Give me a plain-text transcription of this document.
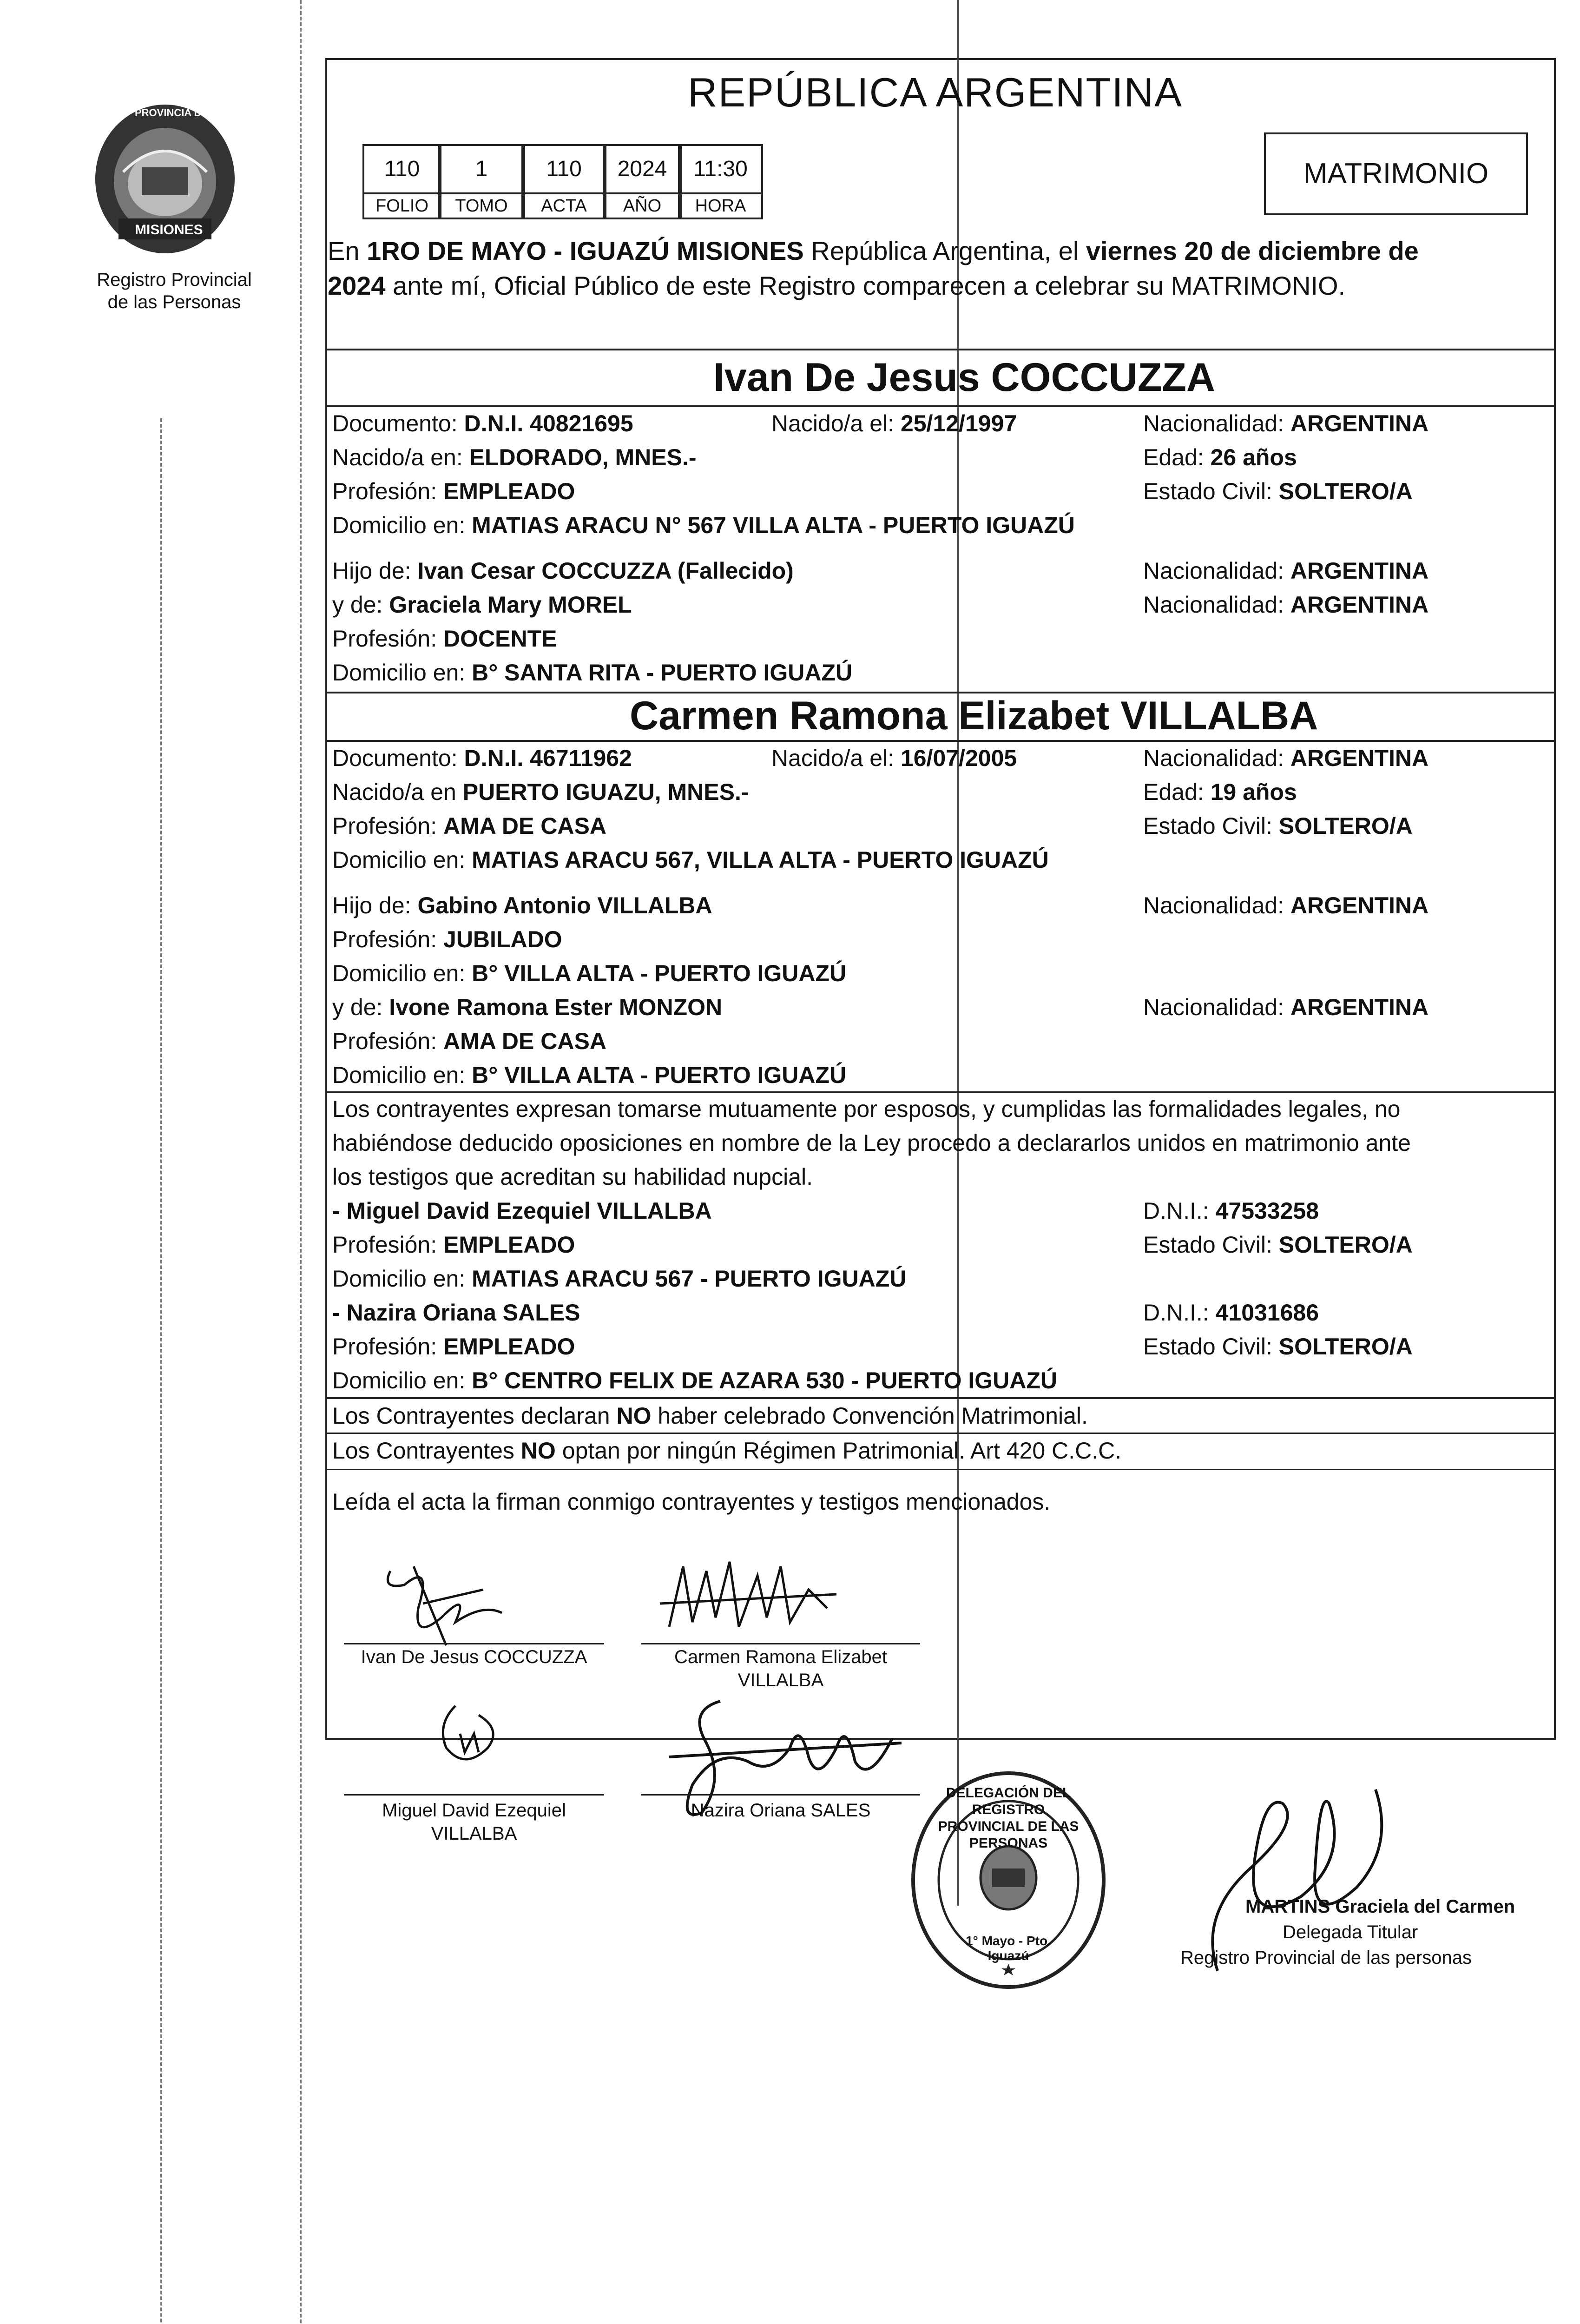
PROVINCIA DE
MISIONES
Registro Provincial
de las Personas
REPÚBLICA ARGENTINA
110	1	110	2024	11:30
FOLIO	TOMO	ACTA	AÑO	HORA
MATRIMONIO
En 1RO DE MAYO - IGUAZÚ MISIONES República Argentina, el viernes 20 de diciembre de
2024 ante mí, Oficial Público de este Registro comparecen a celebrar su MATRIMONIO.
Ivan De Jesus COCCUZZA
Documento: D.N.I. 40821695	Nacido/a el: 25/12/1997	Nacionalidad: ARGENTINA
Nacido/a en: ELDORADO, MNES.-	Edad: 26 años
Profesión: EMPLEADO	Estado Civil: SOLTERO/A
Domicilio en: MATIAS ARACU N° 567 VILLA ALTA - PUERTO IGUAZÚ
Hijo de: Ivan Cesar COCCUZZA (Fallecido)	Nacionalidad: ARGENTINA
y de: Graciela Mary MOREL	Nacionalidad: ARGENTINA
Profesión: DOCENTE
Domicilio en: B° SANTA RITA - PUERTO IGUAZÚ
Carmen Ramona Elizabet VILLALBA
Documento: D.N.I. 46711962	Nacido/a el: 16/07/2005	Nacionalidad: ARGENTINA
Nacido/a en PUERTO IGUAZU, MNES.-	Edad: 19 años
Profesión: AMA DE CASA	Estado Civil: SOLTERO/A
Domicilio en: MATIAS ARACU 567, VILLA ALTA - PUERTO IGUAZÚ
Hijo de: Gabino Antonio VILLALBA	Nacionalidad: ARGENTINA
Profesión: JUBILADO
Domicilio en: B° VILLA ALTA - PUERTO IGUAZÚ
y de: Ivone Ramona Ester MONZON	Nacionalidad: ARGENTINA
Profesión: AMA DE CASA
Domicilio en: B° VILLA ALTA - PUERTO IGUAZÚ
Los contrayentes expresan tomarse mutuamente por esposos, y cumplidas las formalidades legales, no
habiéndose deducido oposiciones en nombre de la Ley procedo a declararlos unidos en matrimonio ante
los testigos que acreditan su habilidad nupcial.
- Miguel David Ezequiel VILLALBA	D.N.I.: 47533258
Profesión: EMPLEADO	Estado Civil: SOLTERO/A
Domicilio en: MATIAS ARACU 567 - PUERTO IGUAZÚ
- Nazira Oriana SALES	D.N.I.: 41031686
Profesión: EMPLEADO	Estado Civil: SOLTERO/A
Domicilio en: B° CENTRO FELIX DE AZARA 530 - PUERTO IGUAZÚ
Los Contrayentes declaran NO haber celebrado Convención Matrimonial.
Los Contrayentes NO optan por ningún Régimen Patrimonial. Art 420 C.C.C.
Leída el acta la firman conmigo contrayentes y testigos mencionados.
Ivan De Jesus COCCUZZA	Carmen Ramona Elizabet
VILLALBA
Miguel David Ezequiel
VILLALBA
Nazira Oriana SALES
DELEGACIÓN DEL REGISTRO PROVINCIAL DE LAS PERSONAS
1° Mayo - Pto. Iguazú
MARTINS Graciela del Carmen
Delegada Titular
Registro Provincial de las personas
